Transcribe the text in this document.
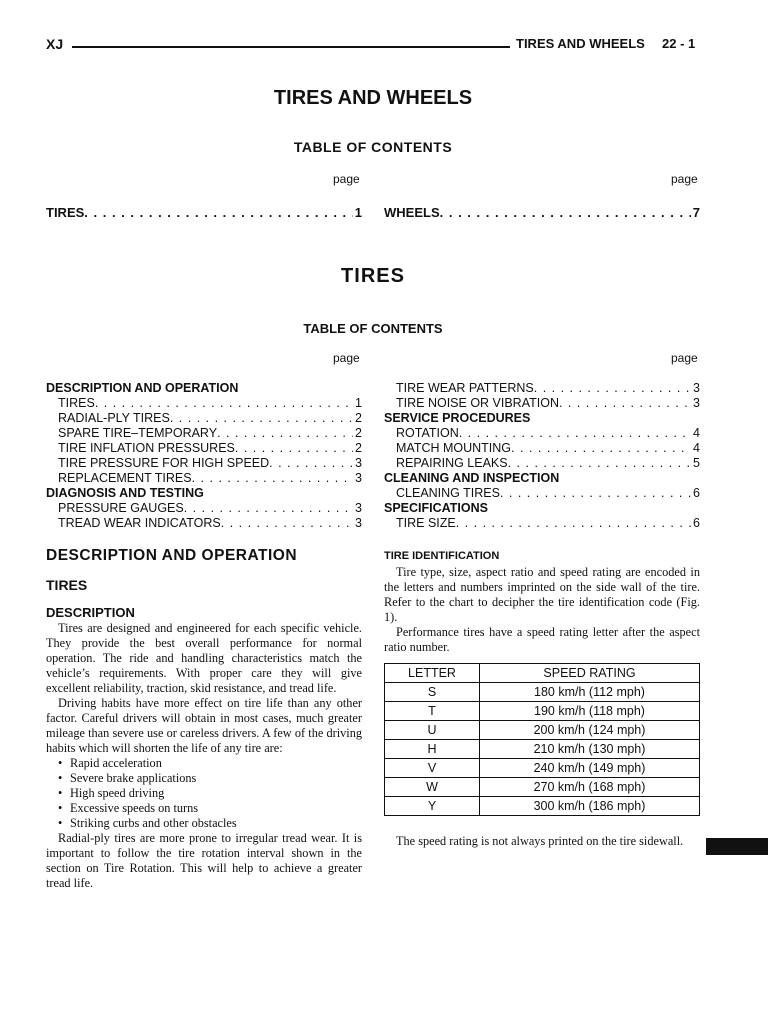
XJ	TIRES AND WHEELS 22 - 1
TIRES AND WHEELS
TABLE OF CONTENTS
page	page
TIRES . . .	1 WHEELS . . .	7
TIRES
TABLE OF CONTENTS
page	page
DESCRIPTION AND OPERATION
TIRES . . .	1
RADIAL-PLY TIRES . . .	2
SPARE TIRE–TEMPORARY . . .	2
TIRE INFLATION PRESSURES . . .	2
TIRE PRESSURE FOR HIGH SPEED . . .	3
REPLACEMENT TIRES . . .	3
DIAGNOSIS AND TESTING
PRESSURE GAUGES . . .	3
TREAD WEAR INDICATORS . . .	3
TIRE WEAR PATTERNS . . .	3
TIRE NOISE OR VIBRATION . . .	3
SERVICE PROCEDURES
ROTATION . . .	4
MATCH MOUNTING . . .	4
REPAIRING LEAKS . . .	5
CLEANING AND INSPECTION
CLEANING TIRES . . .	6
SPECIFICATIONS
TIRE SIZE . . .	6
DESCRIPTION AND OPERATION
TIRES
DESCRIPTION

Tires are designed and engineered for each specific vehicle. They provide the best overall performance for normal operation. The ride and handling characteristics match the vehicle’s requirements. With proper care they will give excellent reliability, traction, skid resistance, and tread life.

Driving habits have more effect on tire life than any other factor. Careful drivers will obtain in most cases, much greater mileage than severe use or careless drivers. A few of the driving habits which will shorten the life of any tire are:

• Rapid acceleration
• Severe brake applications
• High speed driving
• Excessive speeds on turns
• Striking curbs and other obstacles

Radial-ply tires are more prone to irregular tread wear. It is important to follow the tire rotation interval shown in the section on Tire Rotation. This will help to achieve a greater tread life.

TIRE IDENTIFICATION

Tire type, size, aspect ratio and speed rating are encoded in the letters and numbers imprinted on the side wall of the tire. Refer to the chart to decipher the tire identification code (Fig. 1).

Performance tires have a speed rating letter after the aspect ratio number.

LETTER	SPEED RATING
S	180 km/h (112 mph)
T	190 km/h (118 mph)
U	200 km/h (124 mph)
H	210 km/h (130 mph)
V	240 km/h (149 mph)
W	270 km/h (168 mph)
Y	300 km/h (186 mph)

The speed rating is not always printed on the tire sidewall.
